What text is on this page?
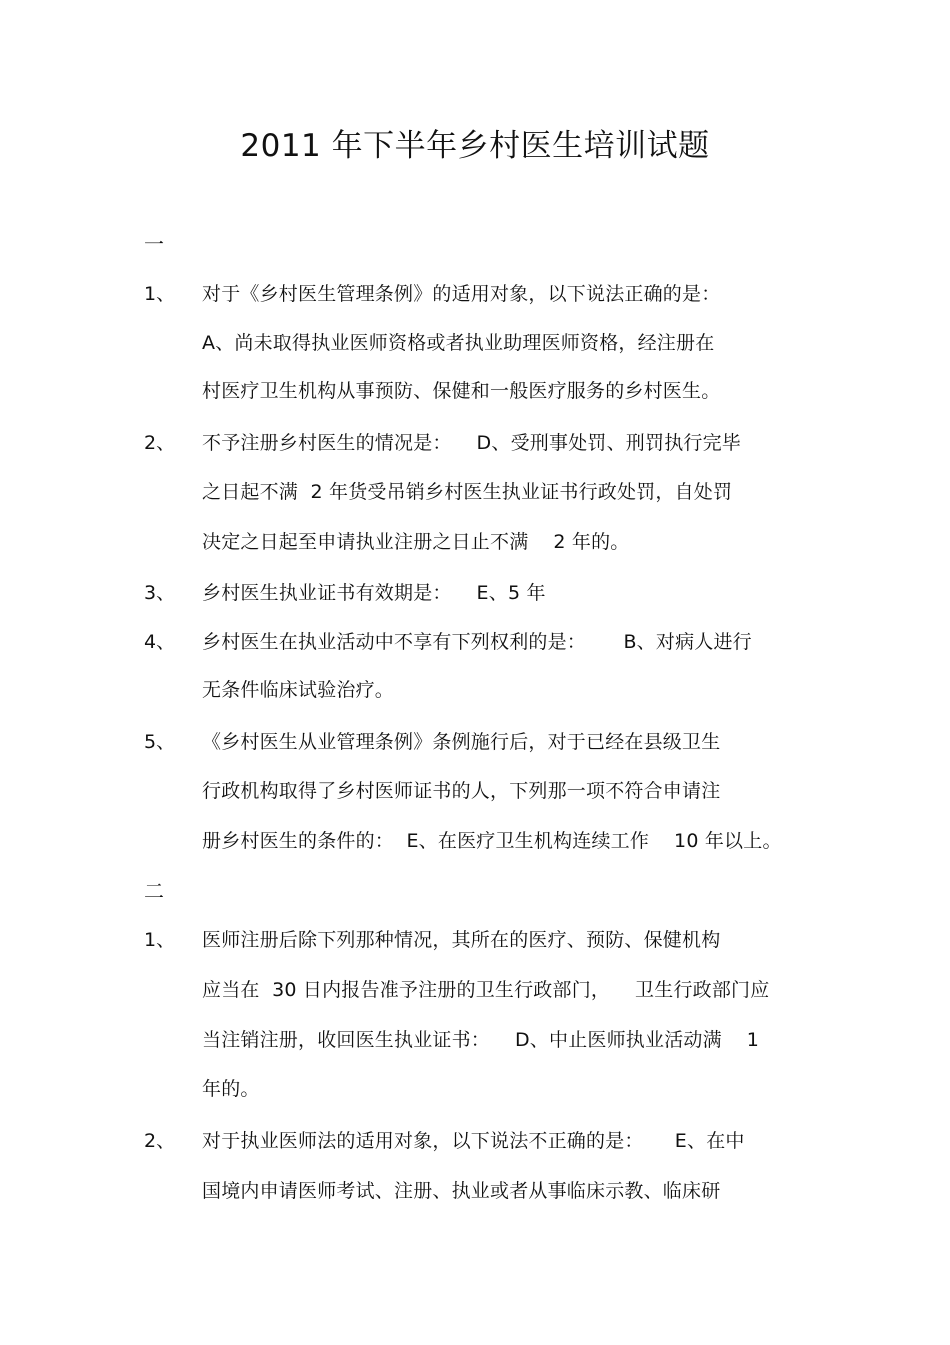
2011 年下半年乡村医生培训试题
一
1、 对于《乡村医生管理条例》的适用对象，以下说法正确的是：
A、尚未取得执业医师资格或者执业助理医师资格，经注册在
村医疗卫生机构从事预防、保健和一般医疗服务的乡村医生。
2、 不予注册乡村医生的情况是：    D、受刑事处罚、刑罚执行完毕
之日起不满  2 年货受吊销乡村医生执业证书行政处罚，自处罚
决定之日起至申请执业注册之日止不满    2 年的。
3、 乡村医生执业证书有效期是：    E、5 年
4、 乡村医生在执业活动中不享有下列权利的是：      B、对病人进行
无条件临床试验治疗。
5、 《乡村医生从业管理条例》条例施行后，对于已经在县级卫生
行政机构取得了乡村医师证书的人，下列那一项不符合申请注
册乡村医生的条件的：  E、在医疗卫生机构连续工作    10 年以上。
二
1、 医师注册后除下列那种情况，其所在的医疗、预防、保健机构
应当在  30 日内报告准予注册的卫生行政部门，    卫生行政部门应
当注销注册，收回医生执业证书：    D、中止医师执业活动满    1
年的。
2、 对于执业医师法的适用对象，以下说法不正确的是：     E、在中
国境内申请医师考试、注册、执业或者从事临床示教、临床研
